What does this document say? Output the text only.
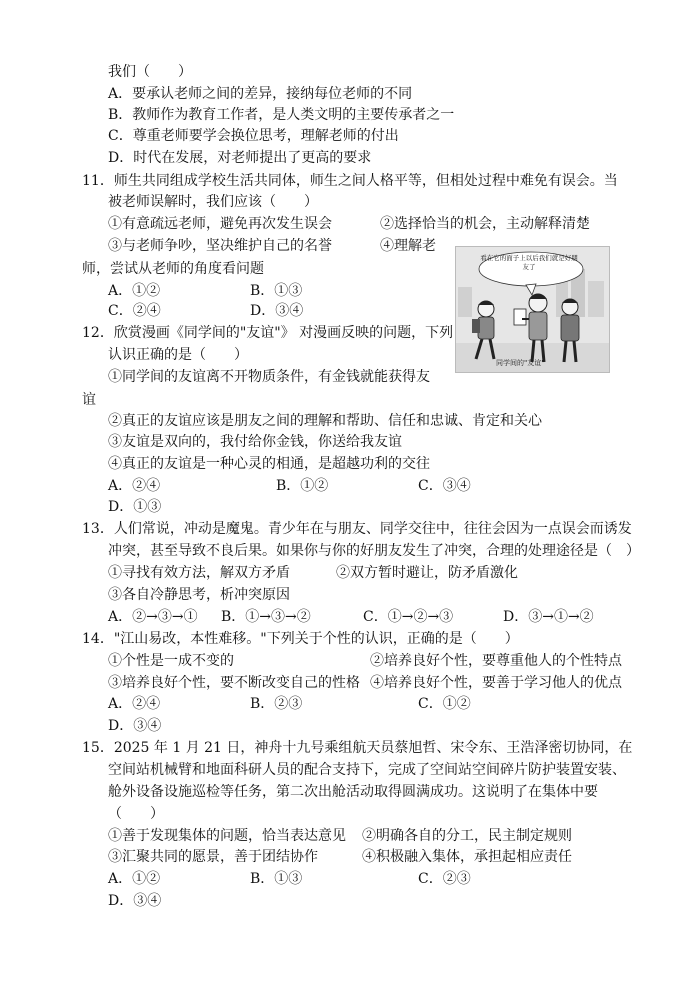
我们（　　）
A．要承认老师之间的差异，接纳每位老师的不同
B．教师作为教育工作者，是人类文明的主要传承者之一
C．尊重老师要学会换位思考，理解老师的付出
D．时代在发展，对老师提出了更高的要求
11．师生共同组成学校生活共同体，师生之间人格平等，但相处过程中难免有误会。当
被老师误解时，我们应该（　　）
①有意疏远老师，避免再次发生误会	②选择恰当的机会，主动解释清楚
③与老师争吵，坚决维护自己的名誉	④理解老
师，尝试从老师的角度看问题
A．①②	B．①③
C．②④	D．③④
看在它的面子上以后我们就是好朋友了
同学间的"友谊"
12．欣赏漫画《同学间的"友谊"》 对漫画反映的问题，下列
认识正确的是（　　）
①同学间的友谊离不开物质条件，有金钱就能获得友
谊
②真正的友谊应该是朋友之间的理解和帮助、信任和忠诚、肯定和关心
③友谊是双向的，我付给你金钱，你送给我友谊
④真正的友谊是一种心灵的相通，是超越功利的交往
A．②④	B．①②	C．③④
D．①③
13．人们常说，冲动是魔鬼。青少年在与朋友、同学交往中，往往会因为一点误会而诱发
冲突，甚至导致不良后果。如果你与你的好朋友发生了冲突，合理的处理途径是（　）
①寻找有效方法，解双方矛盾	②双方暂时避让，防矛盾激化
③各自冷静思考，析冲突原因
A．②→③→① B．①→③→②	C．①→②→③	D．③→①→②
14．"江山易改，本性难移。"下列关于个性的认识，正确的是（　　）
①个性是一成不变的	②培养良好个性，要尊重他人的个性特点
③培养良好个性，要不断改变自己的性格 ④培养良好个性，要善于学习他人的优点
A．②④	B．②③	C．①②
D．③④
15．2025 年 1 月 21 日，神舟十九号乘组航天员蔡旭哲、宋令东、王浩泽密切协同，在
空间站机械臂和地面科研人员的配合支持下，完成了空间站空间碎片防护装置安装、
舱外设备设施巡检等任务，第二次出舱活动取得圆满成功。这说明了在集体中要
（　　）
①善于发现集体的问题，恰当表达意见 ②明确各自的分工，民主制定规则
③汇聚共同的愿景，善于团结协作	④积极融入集体，承担起相应责任
A．①②	B．①③	C．②③
D．③④
